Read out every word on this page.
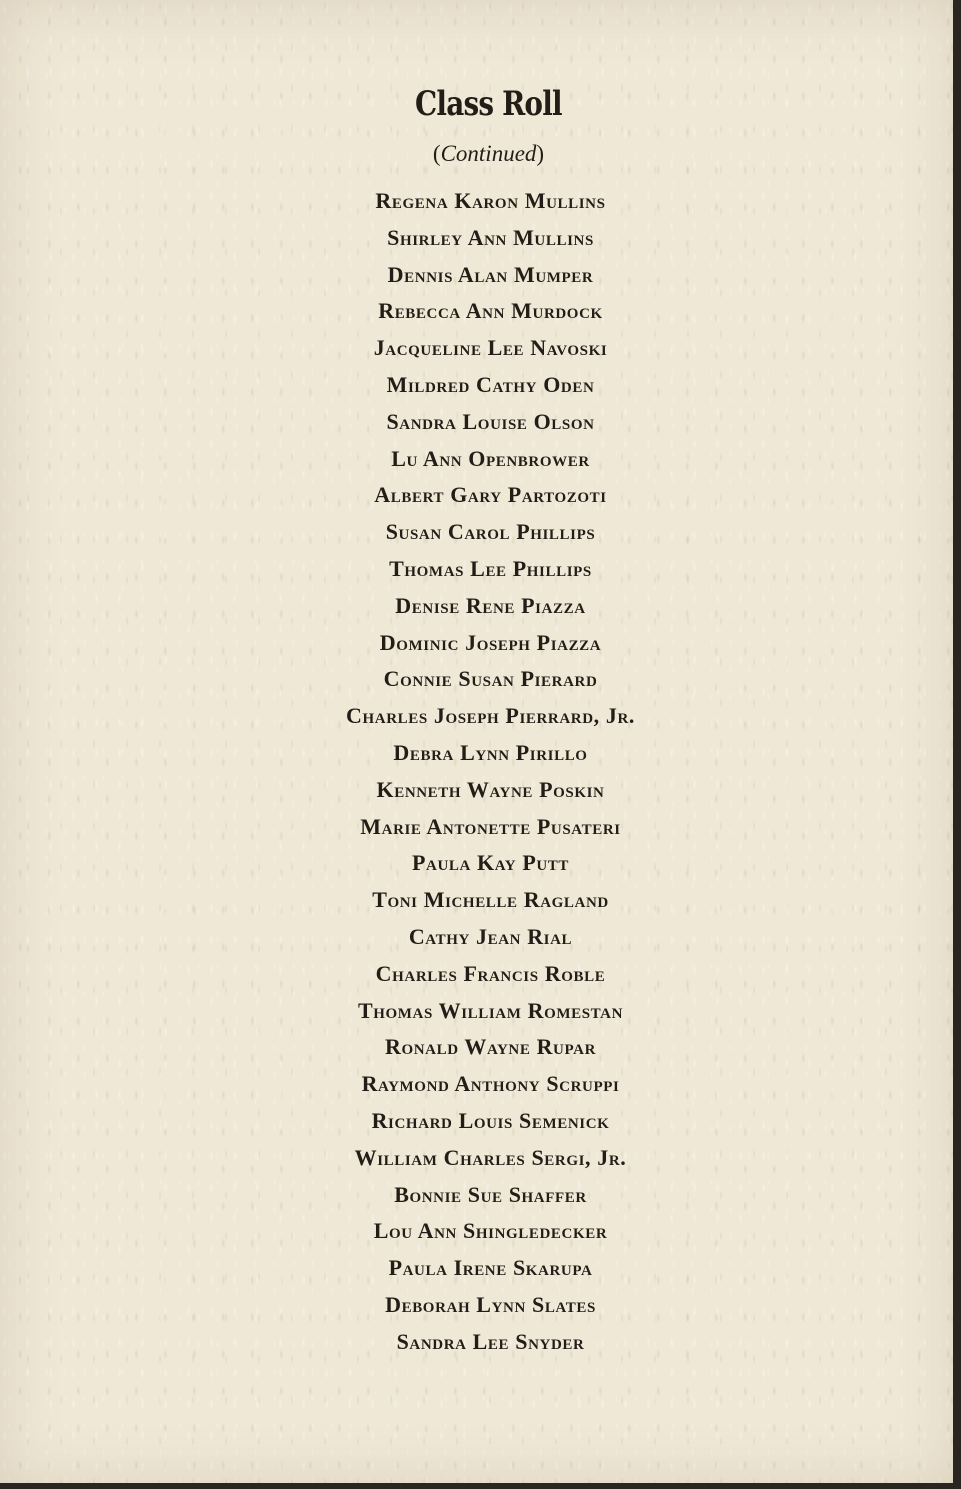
Class Roll
(Continued)
Regena Karon Mullins
Shirley Ann Mullins
Dennis Alan Mumper
Rebecca Ann Murdock
Jacqueline Lee Navoski
Mildred Cathy Oden
Sandra Louise Olson
Lu Ann Openbrower
Albert Gary Partozoti
Susan Carol Phillips
Thomas Lee Phillips
Denise Rene Piazza
Dominic Joseph Piazza
Connie Susan Pierard
Charles Joseph Pierrard, Jr.
Debra Lynn Pirillo
Kenneth Wayne Poskin
Marie Antonette Pusateri
Paula Kay Putt
Toni Michelle Ragland
Cathy Jean Rial
Charles Francis Roble
Thomas William Romestan
Ronald Wayne Rupar
Raymond Anthony Scruppi
Richard Louis Semenick
William Charles Sergi, Jr.
Bonnie Sue Shaffer
Lou Ann Shingledecker
Paula Irene Skarupa
Deborah Lynn Slates
Sandra Lee Snyder
